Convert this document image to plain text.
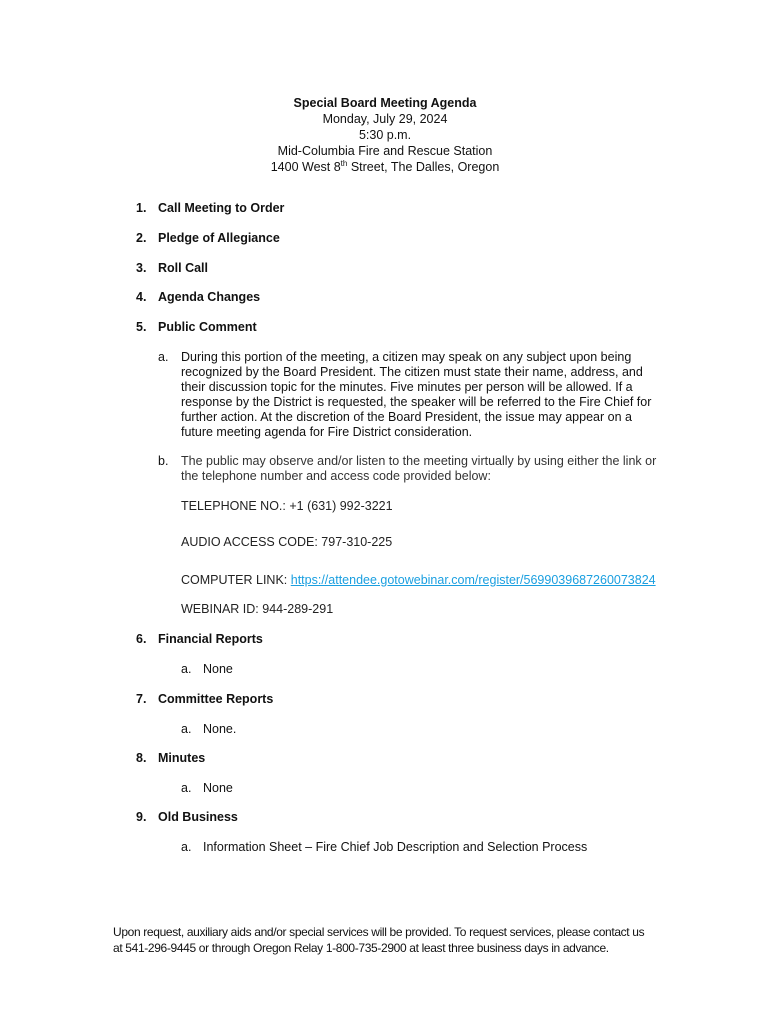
Special Board Meeting Agenda
Monday, July 29, 2024
5:30 p.m.
Mid-Columbia Fire and Rescue Station
1400 West 8th Street, The Dalles, Oregon
1. Call Meeting to Order
2. Pledge of Allegiance
3. Roll Call
4. Agenda Changes
5. Public Comment
a. During this portion of the meeting, a citizen may speak on any subject upon being recognized by the Board President. The citizen must state their name, address, and their discussion topic for the minutes. Five minutes per person will be allowed. If a response by the District is requested, the speaker will be referred to the Fire Chief for further action. At the discretion of the Board President, the issue may appear on a future meeting agenda for Fire District consideration.
b. The public may observe and/or listen to the meeting virtually by using either the link or the telephone number and access code provided below:
TELEPHONE NO.: +1 (631) 992-3221
AUDIO ACCESS CODE: 797-310-225
COMPUTER LINK: https://attendee.gotowebinar.com/register/5699039687260073824
WEBINAR ID: 944-289-291
6. Financial Reports
a. None
7. Committee Reports
a. None.
8. Minutes
a. None
9. Old Business
a. Information Sheet – Fire Chief Job Description and Selection Process
Upon request, auxiliary aids and/or special services will be provided. To request services, please contact us
at 541-296-9445 or through Oregon Relay 1-800-735-2900 at least three business days in advance.
